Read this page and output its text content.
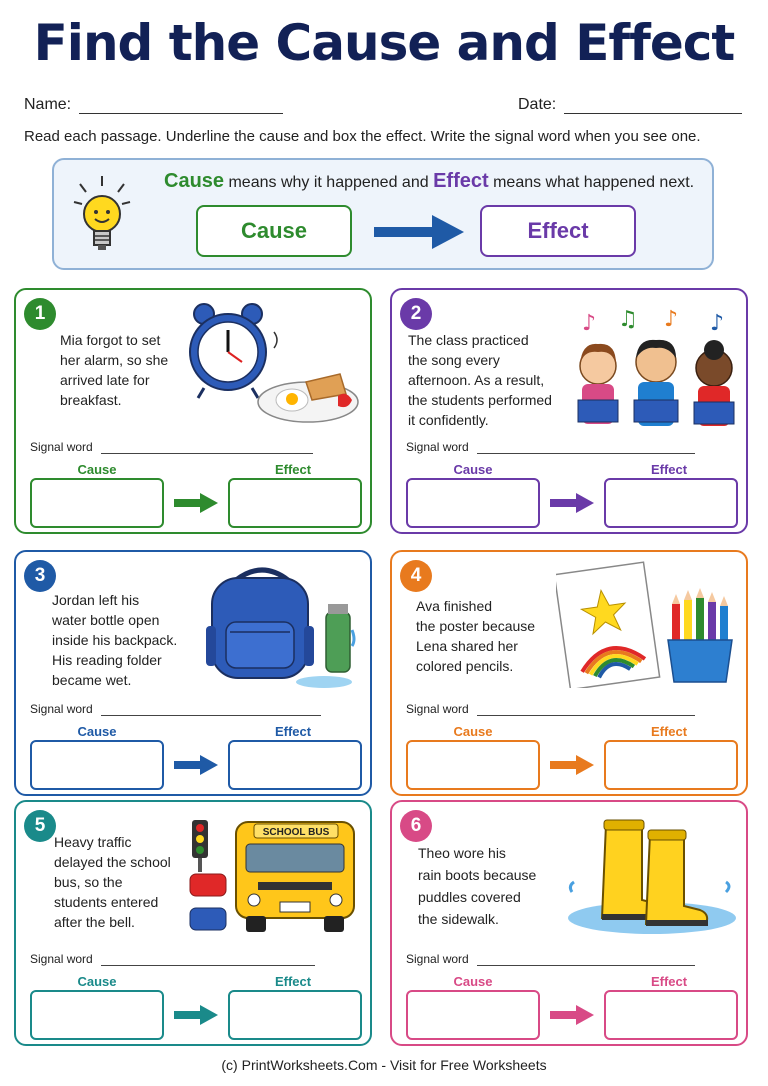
Find the Cause and Effect
Name:	Date:
Read each passage. Underline the cause and box the effect. Write the signal word when you see one.
Cause means why it happened and Effect means what happened next.
Cause	Effect
1
Mia forgot to set
her alarm, so she
arrived late for
breakfast.
Signal word
Cause	Effect
2
The class practiced
the song every
afternoon. As a result,
the students performed
it confidently.
♪ ♫ ♪ ♪
Signal word
Cause	Effect
3
Jordan left his
water bottle open
inside his backpack.
His reading folder
became wet.
Signal word
Cause	Effect
4
Ava finished
the poster because
Lena shared her
colored pencils.
Signal word
Cause	Effect
5
Heavy traffic
delayed the school
bus, so the
students entered
after the bell.
SCHOOL BUS
Signal word
Cause	Effect
6
Theo wore his
rain boots because
puddles covered
the sidewalk.
Signal word
Cause	Effect
(c) PrintWorksheets.Com - Visit for Free Worksheets
